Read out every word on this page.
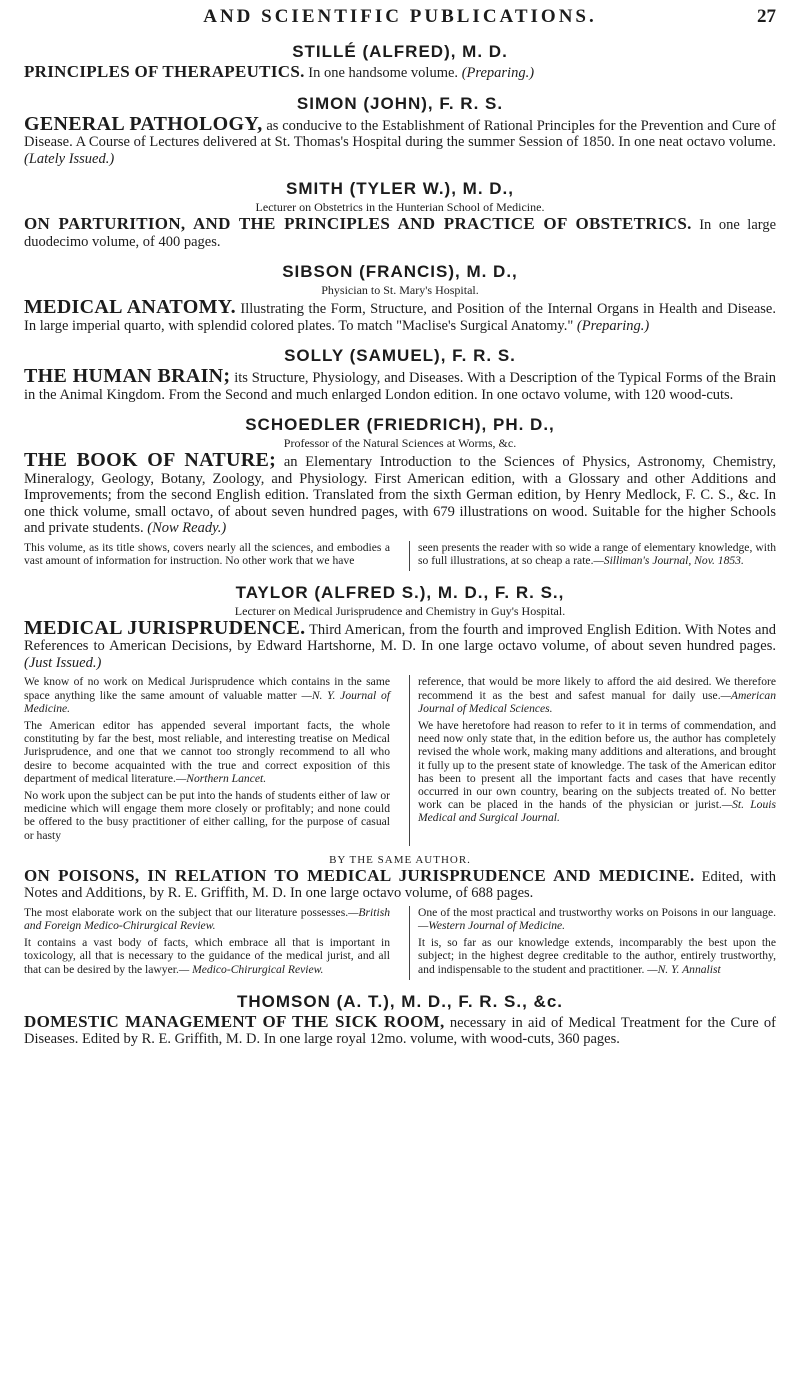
AND SCIENTIFIC PUBLICATIONS.	27
STILLÉ (ALFRED), M. D.

PRINCIPLES OF THERAPEUTICS. In one handsome volume. (Preparing.)

SIMON (JOHN), F. R. S.

GENERAL PATHOLOGY, as conducive to the Establishment of Rational Principles for the Prevention and Cure of Disease. A Course of Lectures delivered at St. Thomas's Hospital during the summer Session of 1850. In one neat octavo volume. (Lately Issued.)

SMITH (TYLER W.), M. D.,
Lecturer on Obstetrics in the Hunterian School of Medicine.

ON PARTURITION, AND THE PRINCIPLES AND PRACTICE OF OBSTETRICS. In one large duodecimo volume, of 400 pages.

SIBSON (FRANCIS), M. D.,
Physician to St. Mary's Hospital.

MEDICAL ANATOMY. Illustrating the Form, Structure, and Position of the Internal Organs in Health and Disease. In large imperial quarto, with splendid colored plates. To match "Maclise's Surgical Anatomy." (Preparing.)

SOLLY (SAMUEL), F. R. S.

THE HUMAN BRAIN; its Structure, Physiology, and Diseases. With a Description of the Typical Forms of the Brain in the Animal Kingdom. From the Second and much enlarged London edition. In one octavo volume, with 120 wood-cuts.

SCHOEDLER (FRIEDRICH), PH. D.,
Professor of the Natural Sciences at Worms, &c.

THE BOOK OF NATURE; an Elementary Introduction to the Sciences of Physics, Astronomy, Chemistry, Mineralogy, Geology, Botany, Zoology, and Physiology. First American edition, with a Glossary and other Additions and Improvements; from the second English edition. Translated from the sixth German edition, by Henry Medlock, F. C. S., &c. In one thick volume, small octavo, of about seven hundred pages, with 679 illustrations on wood. Suitable for the higher Schools and private students. (Now Ready.)

This volume, as its title shows, covers nearly all the sciences, and embodies a vast amount of information for instruction. No other work that we have

seen presents the reader with so wide a range of elementary knowledge, with so full illustrations, at so cheap a rate.—Silliman's Journal, Nov. 1853.

TAYLOR (ALFRED S.), M. D., F. R. S.,
Lecturer on Medical Jurisprudence and Chemistry in Guy's Hospital.

MEDICAL JURISPRUDENCE. Third American, from the fourth and improved English Edition. With Notes and References to American Decisions, by Edward Hartshorne, M. D. In one large octavo volume, of about seven hundred pages. (Just Issued.)

We know of no work on Medical Jurisprudence which contains in the same space anything like the same amount of valuable matter —N. Y. Journal of Medicine.

The American editor has appended several important facts, the whole constituting by far the best, most reliable, and interesting treatise on Medical Jurisprudence, and one that we cannot too strongly recommend to all who desire to become acquainted with the true and correct exposition of this department of medical literature.—Northern Lancet.

No work upon the subject can be put into the hands of students either of law or medicine which will engage them more closely or profitably; and none could be offered to the busy practitioner of either calling, for the purpose of casual or hasty

reference, that would be more likely to afford the aid desired. We therefore recommend it as the best and safest manual for daily use.—American Journal of Medical Sciences.

We have heretofore had reason to refer to it in terms of commendation, and need now only state that, in the edition before us, the author has completely revised the whole work, making many additions and alterations, and brought it fully up to the present state of knowledge. The task of the American editor has been to present all the important facts and cases that have recently occurred in our own country, bearing on the subjects treated of. No better work can be placed in the hands of the physician or jurist.—St. Louis Medical and Surgical Journal.

BY THE SAME AUTHOR.

ON POISONS, IN RELATION TO MEDICAL JURISPRUDENCE AND MEDICINE. Edited, with Notes and Additions, by R. E. Griffith, M. D. In one large octavo volume, of 688 pages.

The most elaborate work on the subject that our literature possesses.—British and Foreign Medico-Chirurgical Review.

It contains a vast body of facts, which embrace all that is important in toxicology, all that is necessary to the guidance of the medical jurist, and all that can be desired by the lawyer.— Medico-Chirurgical Review.

One of the most practical and trustworthy works on Poisons in our language.—Western Journal of Medicine.

It is, so far as our knowledge extends, incomparably the best upon the subject; in the highest degree creditable to the author, entirely trustworthy, and indispensable to the student and practitioner. —N. Y. Annalist

THOMSON (A. T.), M. D., F. R. S., &c.

DOMESTIC MANAGEMENT OF THE SICK ROOM, necessary in aid of Medical Treatment for the Cure of Diseases. Edited by R. E. Griffith, M. D. In one large royal 12mo. volume, with wood-cuts, 360 pages.
